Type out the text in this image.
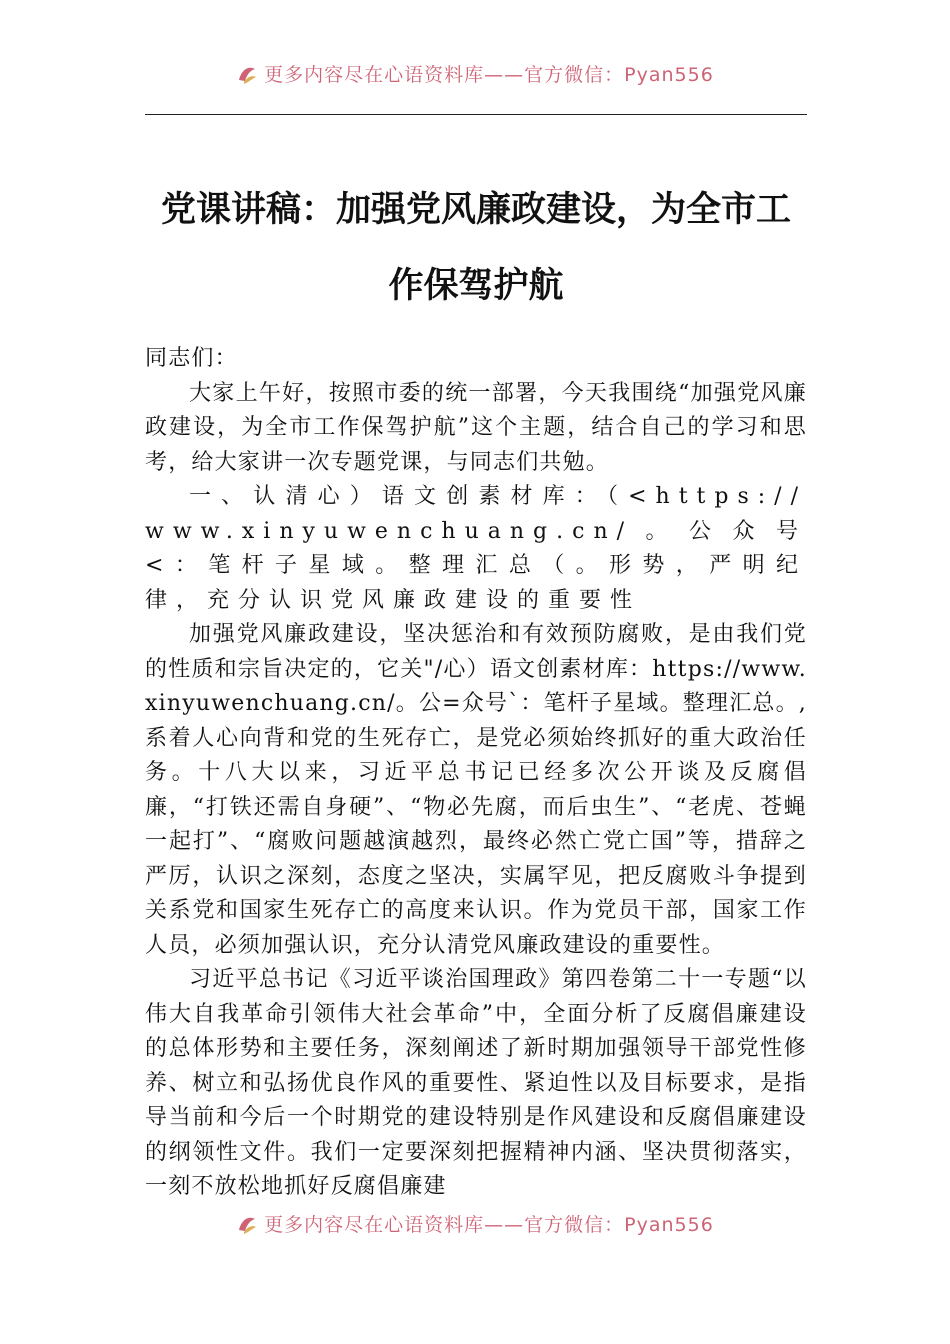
更多内容尽在心语资料库——官方微信：Pyan556
党课讲稿：加强党风廉政建设，为全市工作保驾护航

同志们：

大家上午好，按照市委的统一部署，今天我围绕“加强党风廉政建设，为全市工作保驾护航”这个主题，结合自己的学习和思考，给大家讲一次专题党课，与同志们共勉。

一、认清心）语文创素材库：（<https://www.xinyuwenchuang.cn/。公众号<：笔杆子星域。整理汇总（。形势，严明纪律，充分认识党风廉政建设的重要性

加强党风廉政建设，坚决惩治和有效预防腐败，是由我们党的性质和宗旨决定的，它关"/心）语文创素材库：https://www.xinyuwenchuang.cn/。公=众号`：笔杆子星域。整理汇总。,系着人心向背和党的生死存亡，是党必须始终抓好的重大政治任务。十八大以来，习近平总书记已经多次公开谈及反腐倡廉，“打铁还需自身硬”、“物必先腐，而后虫生”、“老虎、苍蝇一起打”、“腐败问题越演越烈，最终必然亡党亡国”等，措辞之严厉，认识之深刻，态度之坚决，实属罕见，把反腐败斗争提到关系党和国家生死存亡的高度来认识。作为党员干部，国家工作人员，必须加强认识，充分认清党风廉政建设的重要性。

习近平总书记《习近平谈治国理政》第四卷第二十一专题“以伟大自我革命引领伟大社会革命”中，全面分析了反腐倡廉建设的总体形势和主要任务，深刻阐述了新时期加强领导干部党性修养、树立和弘扬优良作风的重要性、紧迫性以及目标要求，是指导当前和今后一个时期党的建设特别是作风建设和反腐倡廉建设的纲领性文件。我们一定要深刻把握精神内涵、坚决贯彻落实，一刻不放松地抓好反腐倡廉建

更多内容尽在心语资料库——官方微信：Pyan556
